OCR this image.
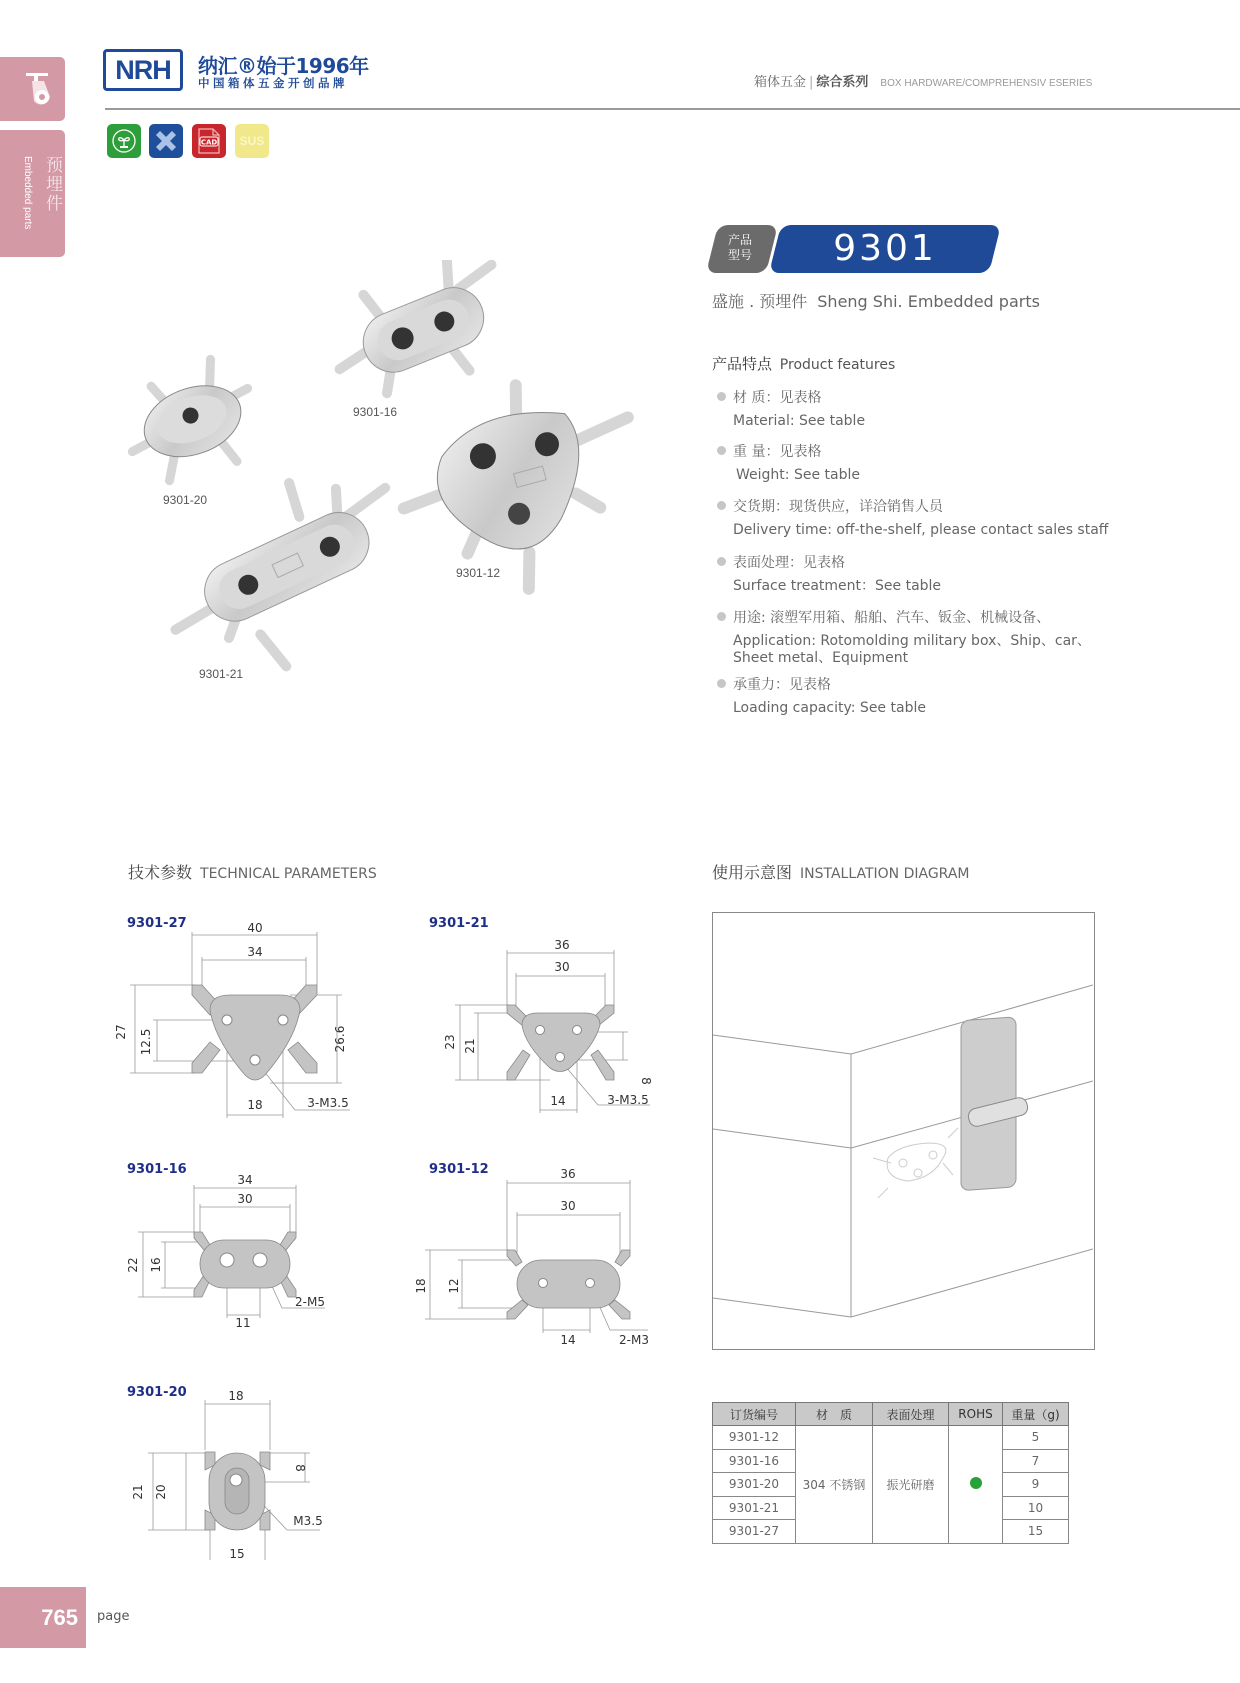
预埋件
Embedded parts
NRH 纳汇®始于1996年
中国箱体五金开创品牌	箱体五金 | 综合系列 BOX HARDWARE/COMPREHENSIV ESERIES
CAD SUS
9301-16
9301-20
9301-12
9301-21
产品
型号	9301
盛施 . 预埋件 Sheng Shi. Embedded parts
产品特点 Product features
材 质：见表格
Material: See table
重 量：见表格
Weight: See table
交货期：现货供应，详洽销售人员
Delivery time: off-the-shelf, please contact sales staff
表面处理：见表格
Surface treatment：See table
用途: 滚塑军用箱、船舶、汽车、钣金、机械设备、
Application: Rotomolding military box、Ship、car、
Sheet metal、Equipment
承重力：见表格
Loading capacity: See table
技术参数 TECHNICAL PARAMETERS	使用示意图 INSTALLATION DIAGRAM
9301-27	9301-21
9301-16	9301-12
9301-20
40
34
27 12.5	26.6
18	3-M3.5
36
30
23 21
8
14	3-M3.5
34
30
22 16
11
2-M5
36
30
18 12
14	2-M3
18
21 20
8
15
M3.5
订货编号	材　质	表面处理	ROHS	重量（g)
9301-12	304 不锈钢	振光研磨		5
9301-16				7
9301-20				9
9301-21				10
9301-27				15
765	page
